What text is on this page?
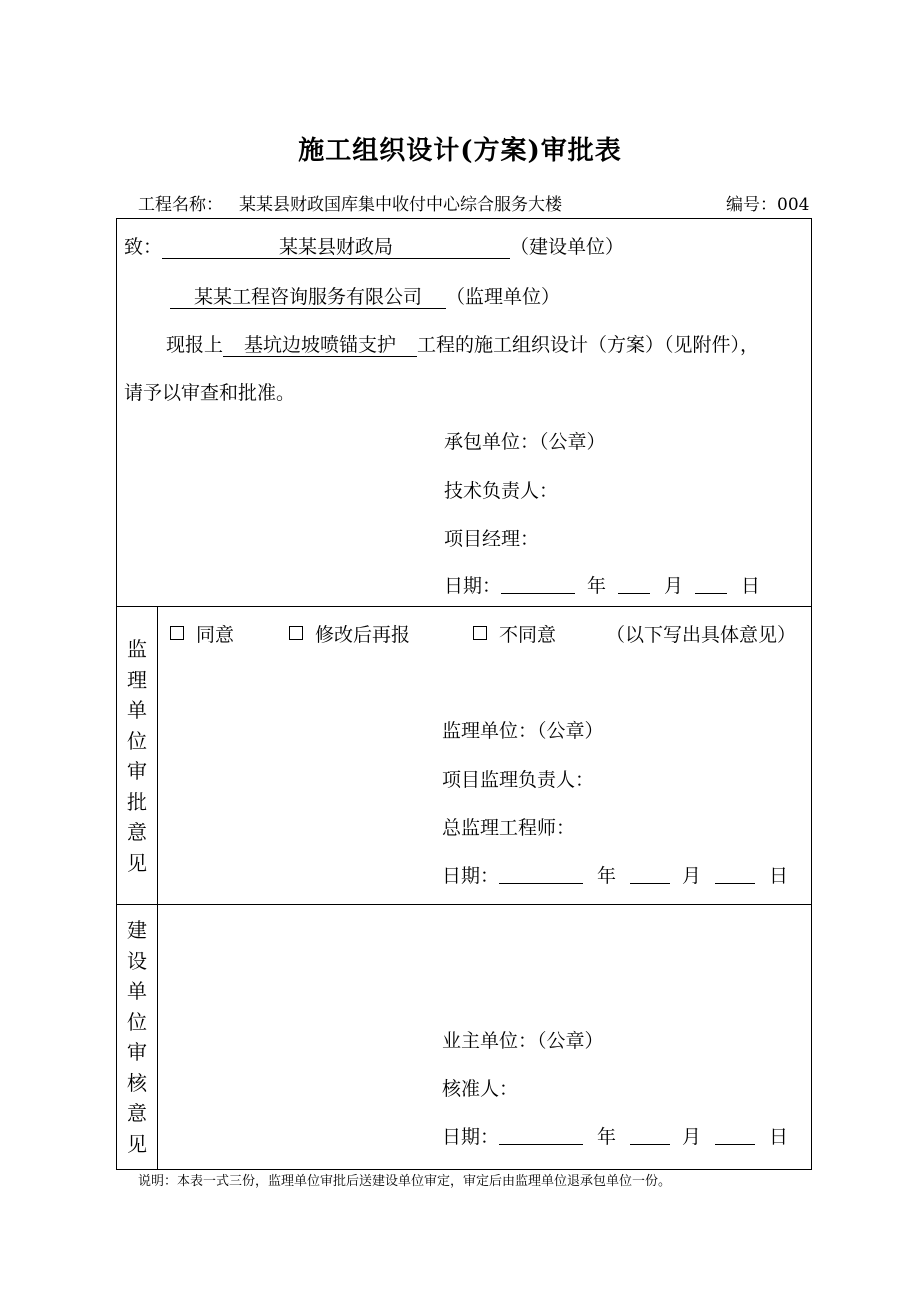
施工组织设计(方案)审批表
工程名称： 某某县财政国库集中收付中心综合服务大楼	编号：004
致：	某某县财政局	（建设单位）
某某工程咨询服务有限公司 （监理单位）
现报上 基坑边坡喷锚支护 工程的施工组织设计（方案）（见附件），
请予以审查和批准。
承包单位：（公章）
技术负责人：
项目经理：
日期：	年	月	日
监
理
单
位
审
批
意
见
同意	修改后再报	不同意	（以下写出具体意见）
监理单位：（公章）
项目监理负责人：
总监理工程师：
日期：	年	月	日
建
设
单
位
审
核
意
见
业主单位：（公章）
核准人：
日期：	年	月	日
说明：本表一式三份，监理单位审批后送建设单位审定，审定后由监理单位退承包单位一份。
